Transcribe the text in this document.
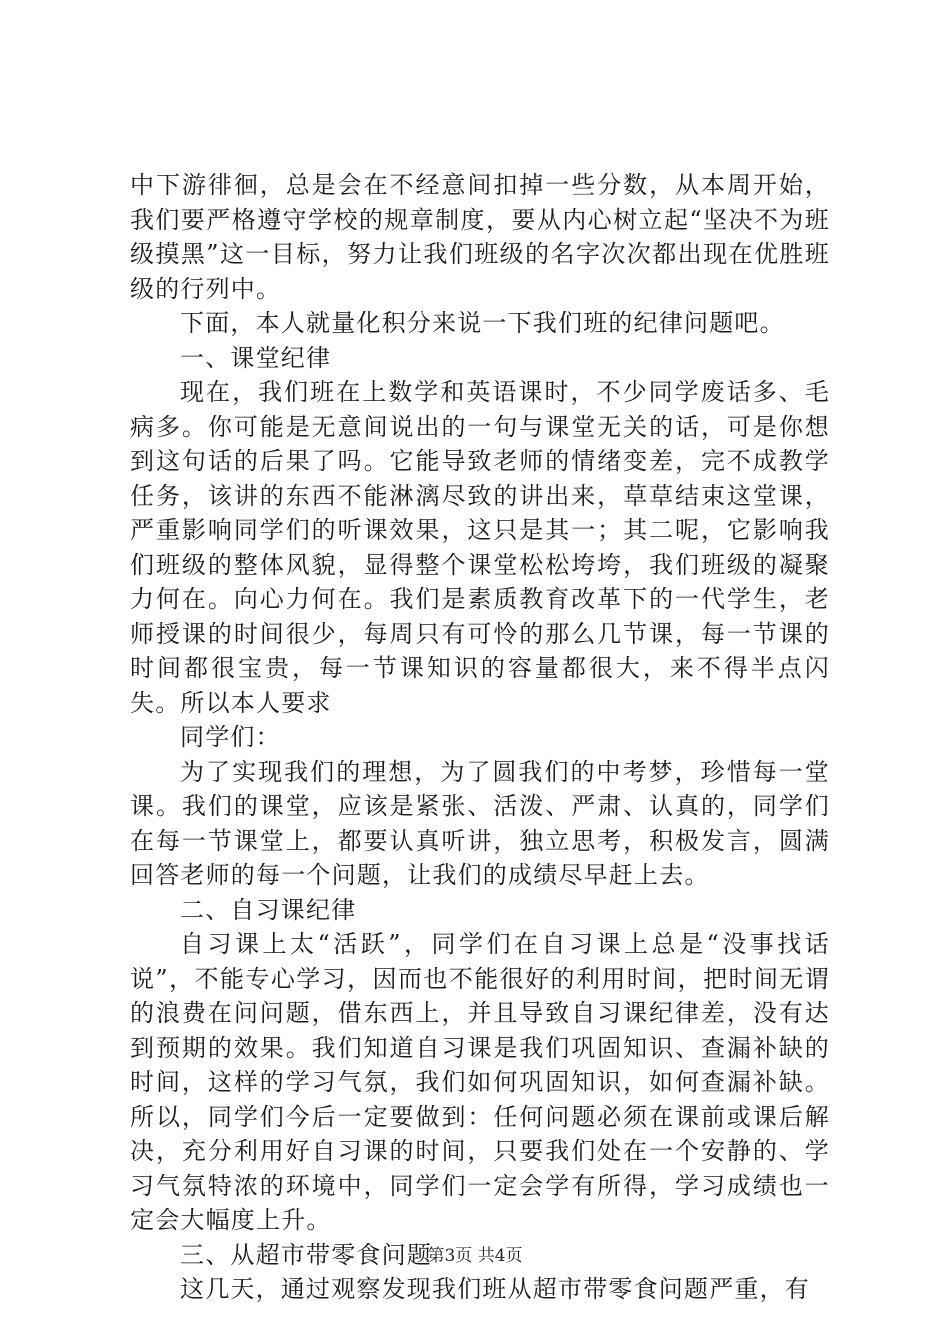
中下游徘徊，总是会在不经意间扣掉一些分数，从本周开始，我们要严格遵守学校的规章制度，要从内心树立起“坚决不为班级摸黑”这一目标，努力让我们班级的名字次次都出现在优胜班级的行列中。

下面，本人就量化积分来说一下我们班的纪律问题吧。

一、课堂纪律

现在，我们班在上数学和英语课时，不少同学废话多、毛病多。你可能是无意间说出的一句与课堂无关的话，可是你想到这句话的后果了吗。它能导致老师的情绪变差，完不成教学任务，该讲的东西不能淋漓尽致的讲出来，草草结束这堂课，严重影响同学们的听课效果，这只是其一；其二呢，它影响我们班级的整体风貌，显得整个课堂松松垮垮，我们班级的凝聚力何在。向心力何在。我们是素质教育改革下的一代学生，老师授课的时间很少，每周只有可怜的那么几节课，每一节课的时间都很宝贵，每一节课知识的容量都很大，来不得半点闪失。所以本人要求

同学们：

为了实现我们的理想，为了圆我们的中考梦，珍惜每一堂课。我们的课堂，应该是紧张、活泼、严肃、认真的，同学们在每一节课堂上，都要认真听讲，独立思考，积极发言，圆满回答老师的每一个问题，让我们的成绩尽早赶上去。

二、自习课纪律

自习课上太“活跃”，同学们在自习课上总是“没事找话说”，不能专心学习，因而也不能很好的利用时间，把时间无谓的浪费在问问题，借东西上，并且导致自习课纪律差，没有达到预期的效果。我们知道自习课是我们巩固知识、查漏补缺的时间，这样的学习气氛，我们如何巩固知识，如何查漏补缺。所以，同学们今后一定要做到：任何问题必须在课前或课后解决，充分利用好自习课的时间，只要我们处在一个安静的、学习气氛特浓的环境中，同学们一定会学有所得，学习成绩也一定会大幅度上升。

三、从超市带零食问题

这几天，通过观察发现我们班从超市带零食问题严重，有

第3页 共4页
